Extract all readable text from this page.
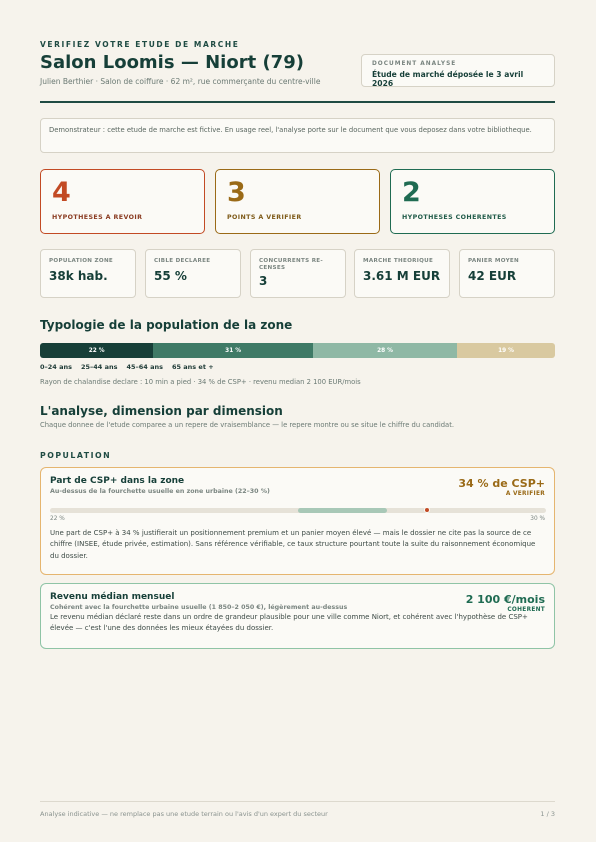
VERIFIEZ VOTRE ETUDE DE MARCHE
Salon Loomis — Niort (79)
Julien Berthier · Salon de coiffure · 62 m², rue commerçante du centre-ville
DOCUMENT ANALYSE
Étude de marché déposée le 3 avril 2026
Demonstrateur : cette etude de marche est fictive. En usage reel, l'analyse porte sur le document que vous deposez dans votre bibliotheque.
4
HYPOTHESES A REVOIR
3
POINTS A VERIFIER
2
HYPOTHESES COHERENTES
POPULATION ZONE
38k hab.
CIBLE DECLAREE
55 %
CONCURRENTS RE-CENSES
3
MARCHE THEORIQUE
3.61 M EUR
PANIER MOYEN
42 EUR
Typologie de la population de la zone
22 %	31 %	28 %	19 %
0–24 ans 25–44 ans 45–64 ans 65 ans et +
Rayon de chalandise declare : 10 min a pied · 34 % de CSP+ · revenu median 2 100 EUR/mois
L'analyse, dimension par dimension
Chaque donnee de l'etude comparee a un repere de vraisemblance — le repere montre ou se situe le chiffre du candidat.
POPULATION
Part de CSP+ dans la zone
Au-dessus de la fourchette usuelle en zone urbaine (22–30 %)
34 % de CSP+
A VERIFIER
22 %	30 %

Une part de CSP+ à 34 % justifierait un positionnement premium et un panier moyen élevé — mais le dossier ne cite pas la source de ce chiffre (INSEE, étude privée, estimation). Sans référence vérifiable, ce taux structure pourtant toute la suite du raisonnement économique du dossier.

Revenu médian mensuel
Cohérent avec la fourchette urbaine usuelle (1 850–2 050 €), légèrement au-dessus
2 100 €/mois
COHERENT

Le revenu médian déclaré reste dans un ordre de grandeur plausible pour une ville comme Niort, et cohérent avec l'hypothèse de CSP+ élevée — c'est l'une des données les mieux étayées du dossier.

Analyse indicative — ne remplace pas une etude terrain ou l'avis d'un expert du secteur	1 / 3
